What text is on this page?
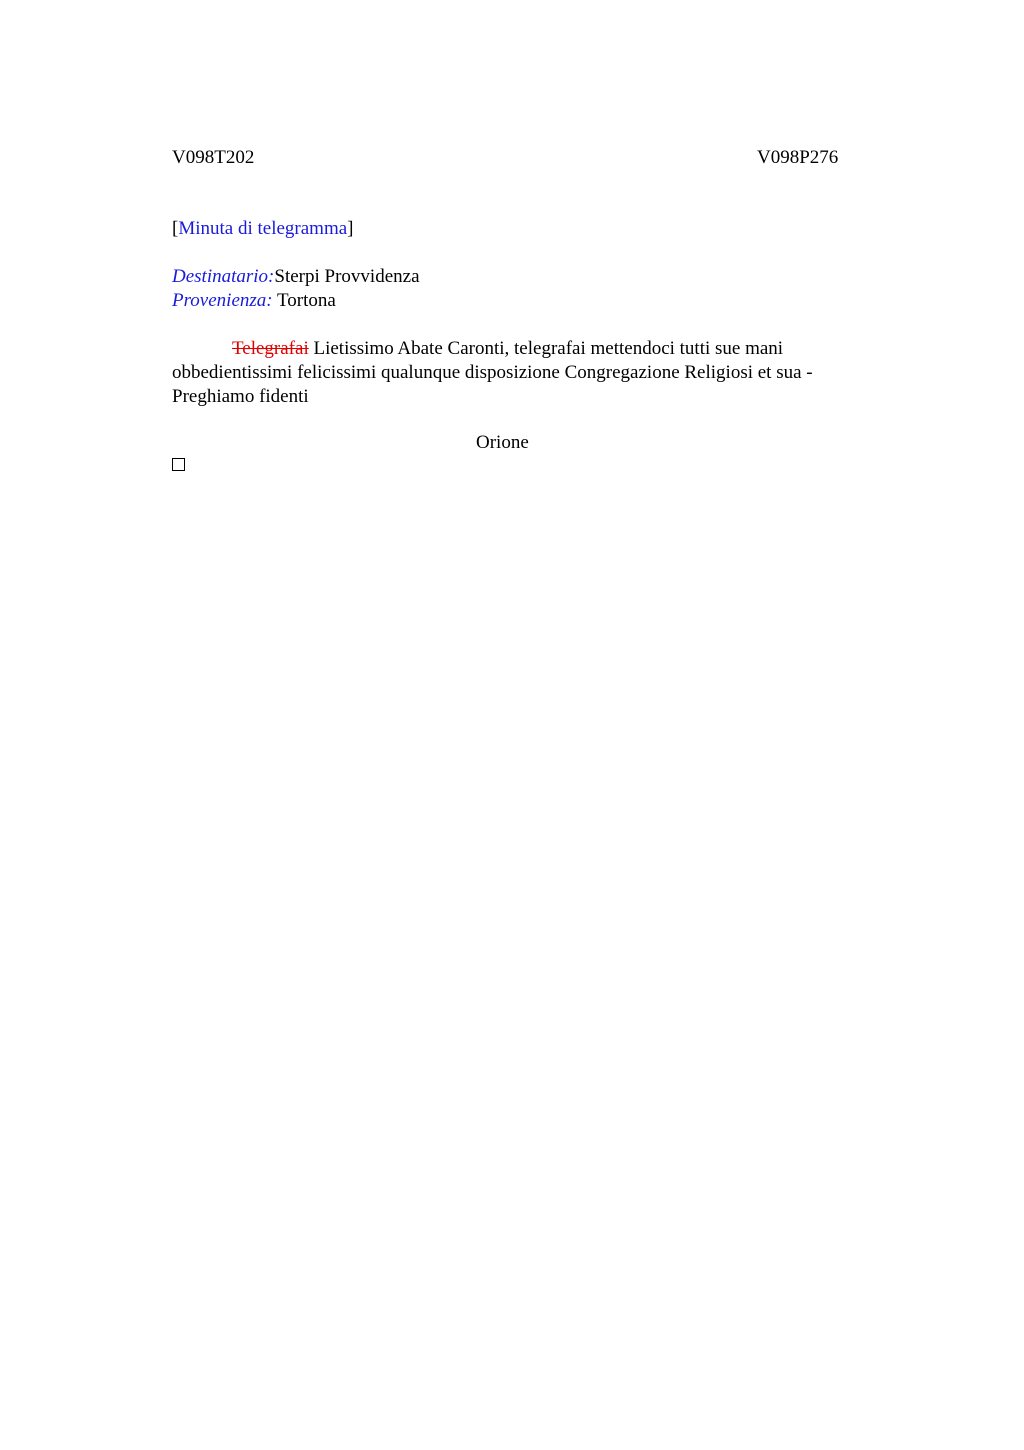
V098T202	V098P276
[Minuta di telegramma]
Destinatario:Sterpi Provvidenza
Provenienza: Tortona
Telegrafai Lietissimo Abate Caronti, telegrafai mettendoci tutti sue mani obbedientissimi felicissimi qualunque disposizione Congregazione Religiosi et sua - Preghiamo fidenti
Orione
